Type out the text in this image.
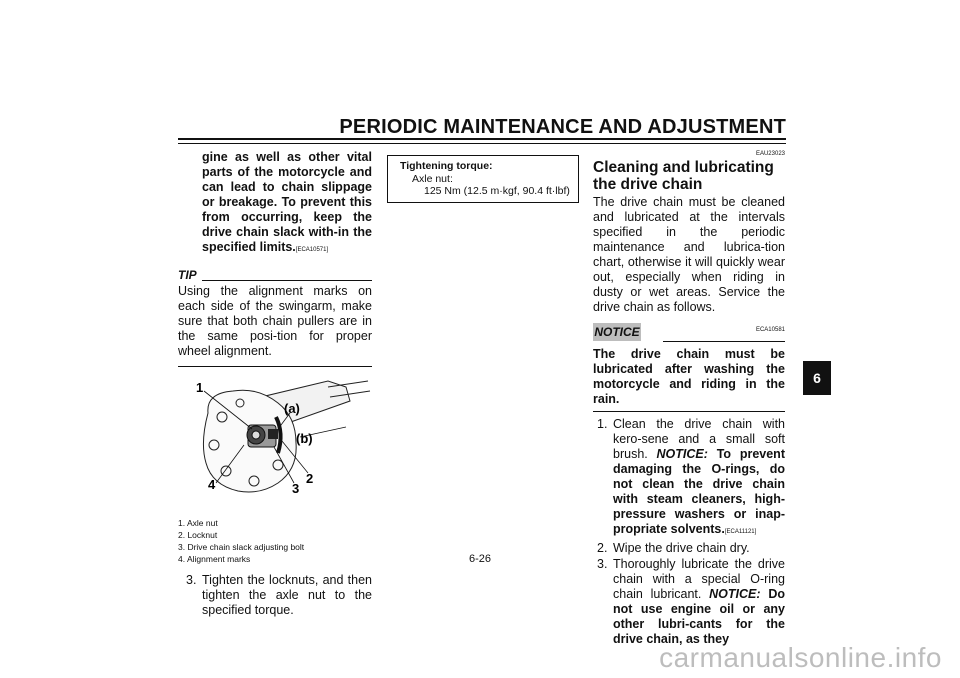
PERIODIC MAINTENANCE AND ADJUSTMENT
6
gine as well as other vital parts of the motorcycle and can lead to chain slippage or breakage. To prevent this from occurring, keep the drive chain slack with-in the specified limits.[ECA10571]
TIP
Using the alignment marks on each side of the swingarm, make sure that both chain pullers are in the same posi-tion for proper wheel alignment.
1
(a)
(b)
2
3
4
1. Axle nut
2. Locknut
3. Drive chain slack adjusting bolt
4. Alignment marks
3. Tighten the locknuts, and then tighten the axle nut to the specified torque.
Tightening torque:
Axle nut:
125 Nm (12.5 m·kgf, 90.4 ft·lbf)
EAU23023
Cleaning and lubricating the drive chain
The drive chain must be cleaned and lubricated at the intervals specified in the periodic maintenance and lubrica-tion chart, otherwise it will quickly wear out, especially when riding in dusty or wet areas. Service the drive chain as follows.
NOTICE	ECA10581
The drive chain must be lubricated after washing the motorcycle and riding in the rain.
1. Clean the drive chain with kero-sene and a small soft brush. NOTICE: To prevent damaging the O-rings, do not clean the drive chain with steam cleaners, high-pressure washers or inap-propriate solvents.[ECA11121]
2. Wipe the drive chain dry.
3. Thoroughly lubricate the drive chain with a special O-ring chain lubricant. NOTICE: Do not use engine oil or any other lubri-cants for the drive chain, as they
6-26
carmanualsonline.info
